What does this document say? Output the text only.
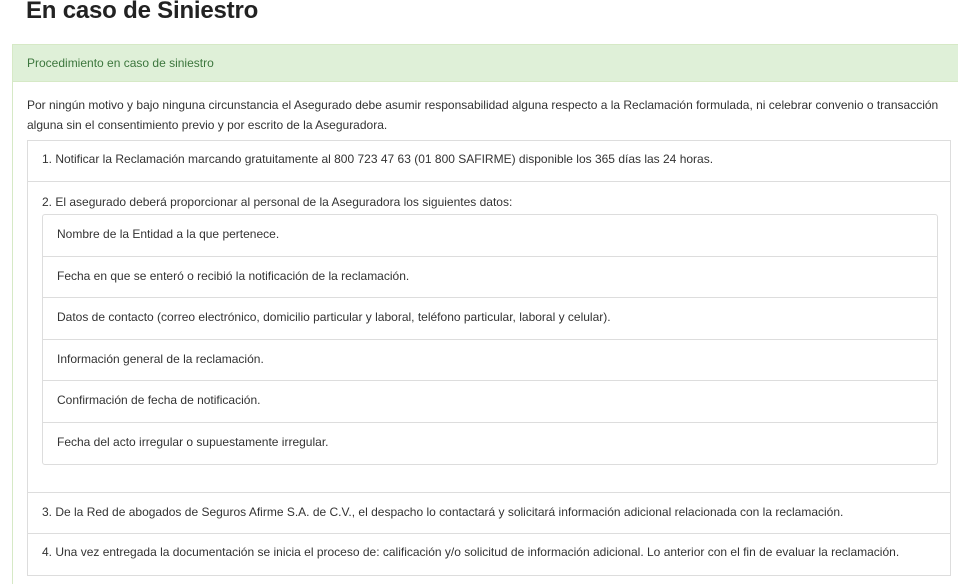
En caso de Siniestro
Procedimiento en caso de siniestro

Por ningún motivo y bajo ninguna circunstancia el Asegurado debe asumir responsabilidad alguna respecto a la Reclamación formulada, ni celebrar convenio o transacción alguna sin el consentimiento previo y por escrito de la Aseguradora.

1. Notificar la Reclamación marcando gratuitamente al 800 723 47 63 (01 800 SAFIRME) disponible los 365 días las 24 horas.
2. El asegurado deberá proporcionar al personal de la Aseguradora los siguientes datos:
Nombre de la Entidad a la que pertenece.
Fecha en que se enteró o recibió la notificación de la reclamación.
Datos de contacto (correo electrónico, domicilio particular y laboral, teléfono particular, laboral y celular).
Información general de la reclamación.
Confirmación de fecha de notificación.
Fecha del acto irregular o supuestamente irregular.
3. De la Red de abogados de Seguros Afirme S.A. de C.V., el despacho lo contactará y solicitará información adicional relacionada con la reclamación.
4. Una vez entregada la documentación se inicia el proceso de: calificación y/o solicitud de información adicional. Lo anterior con el fin de evaluar la reclamación.
